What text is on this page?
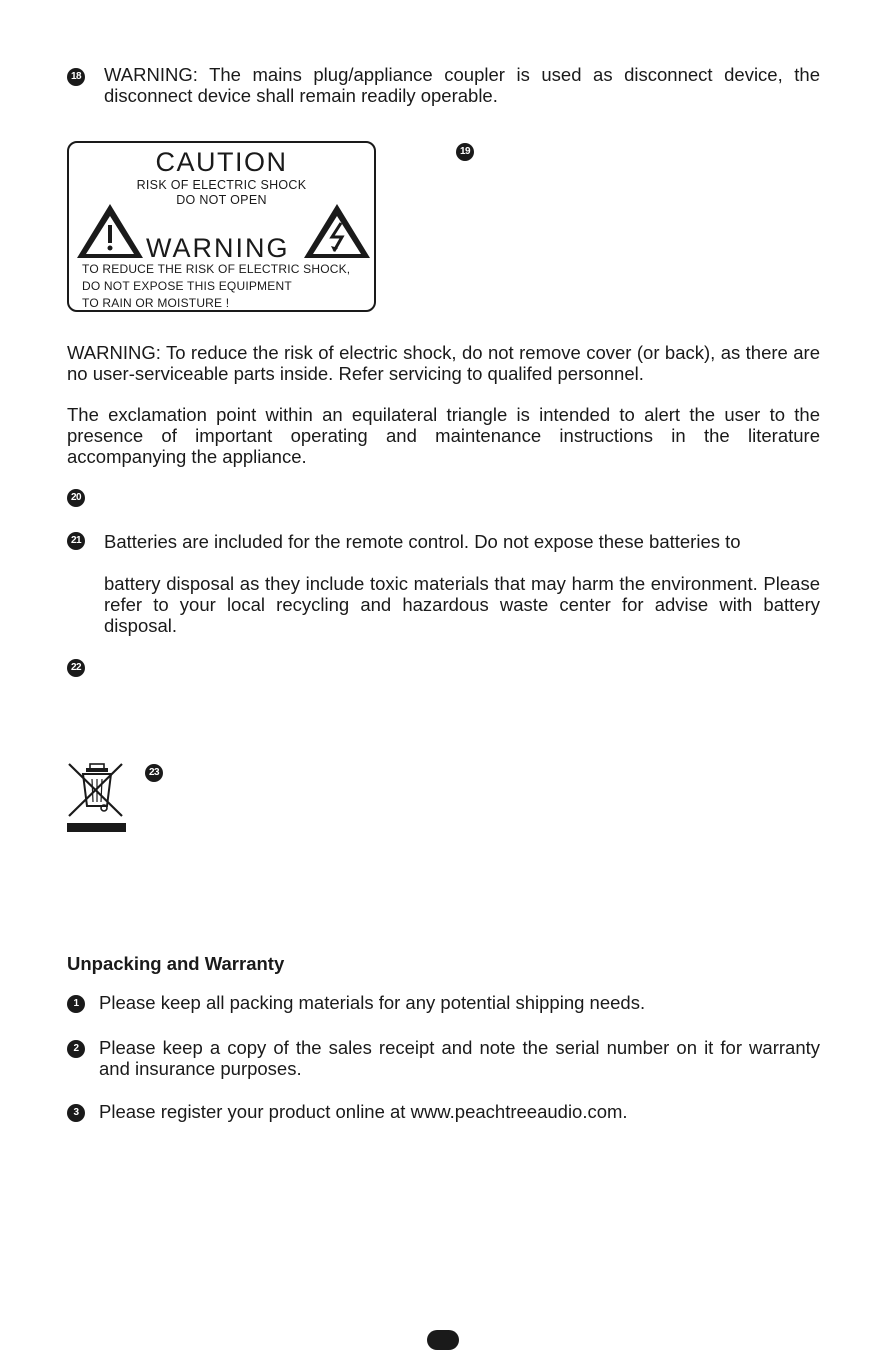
18 WARNING: The mains plug/appliance coupler is used as disconnect device, the disconnect device shall remain readily operable.
CAUTION
RISK OF ELECTRIC SHOCK
DO NOT OPEN
WARNING
TO REDUCE THE RISK OF ELECTRIC SHOCK,
DO NOT EXPOSE THIS EQUIPMENT
TO RAIN OR MOISTURE !
19
WARNING: To reduce the risk of electric shock, do not remove cover (or back), as there are no user-serviceable parts inside. Refer servicing to qualifed personnel.
The exclamation point within an equilateral triangle is intended to alert the user to the presence of important operating and maintenance instructions in the literature accompanying the appliance.
20
21 Batteries are included for the remote control. Do not expose these batteries to
battery disposal as they include toxic materials that may harm the environment. Please refer to your local recycling and hazardous waste center for advise with battery disposal.
22
23
Unpacking and Warranty
1	Please keep all packing materials for any potential shipping needs.
2	Please keep a copy of the sales receipt and note the serial number on it for warranty and insurance purposes.
3	Please register your product online at www.peachtreeaudio.com.
